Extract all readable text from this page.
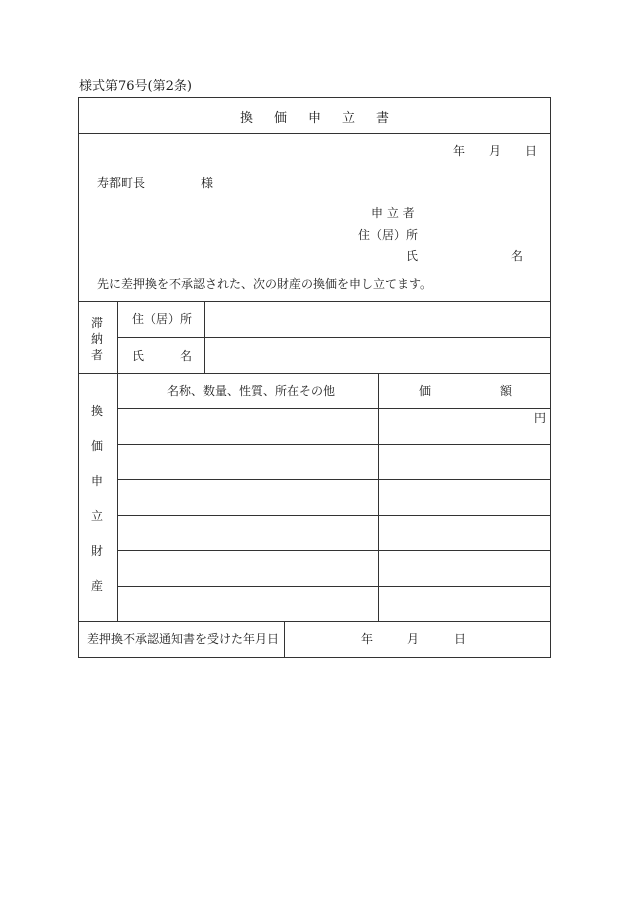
様式第76号(第2条)
換価申立書
年 月 日
寿都町長	様
申 立 者
住（居）所
氏	名
先に差押換を不承認された、次の財産の換価を申し立てます。
滞
納
者
住（居）所
氏	名
換
価
申
立
財
産
名称、数量、性質、所在その他	価	額
円
差押換不承認通知書を受けた年月日	年	月	日
